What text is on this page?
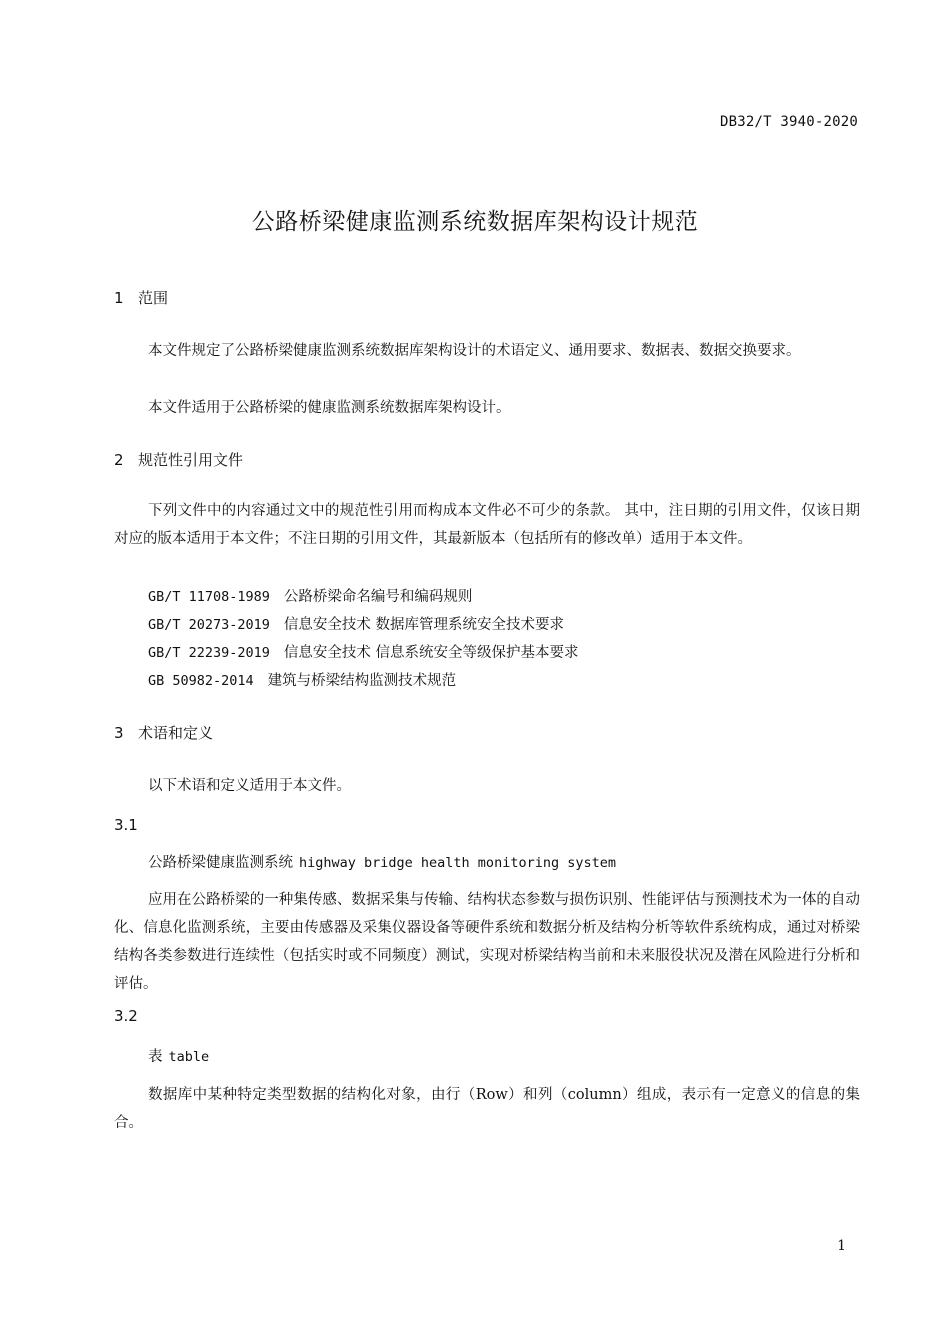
DB32/T 3940-2020
公路桥梁健康监测系统数据库架构设计规范
1 范围
本文件规定了公路桥梁健康监测系统数据库架构设计的术语定义、通用要求、数据表、数据交换要求。
本文件适用于公路桥梁的健康监测系统数据库架构设计。
2 规范性引用文件
下列文件中的内容通过文中的规范性引用而构成本文件必不可少的条款。 其中，注日期的引用文件，仅该日期对应的版本适用于本文件；不注日期的引用文件，其最新版本（包括所有的修改单）适用于本文件。
GB/T 11708-1989 公路桥梁命名编号和编码规则
GB/T 20273-2019 信息安全技术 数据库管理系统安全技术要求
GB/T 22239-2019 信息安全技术 信息系统安全等级保护基本要求
GB 50982-2014 建筑与桥梁结构监测技术规范
3 术语和定义
以下术语和定义适用于本文件。
3.1
公路桥梁健康监测系统 highway bridge health monitoring system
应用在公路桥梁的一种集传感、数据采集与传输、结构状态参数与损伤识别、性能评估与预测技术为一体的自动化、信息化监测系统，主要由传感器及采集仪器设备等硬件系统和数据分析及结构分析等软件系统构成，通过对桥梁结构各类参数进行连续性（包括实时或不同频度）测试，实现对桥梁结构当前和未来服役状况及潜在风险进行分析和评估。
3.2
表 table
数据库中某种特定类型数据的结构化对象，由行（Row）和列（column）组成，表示有一定意义的信息的集合。
1
